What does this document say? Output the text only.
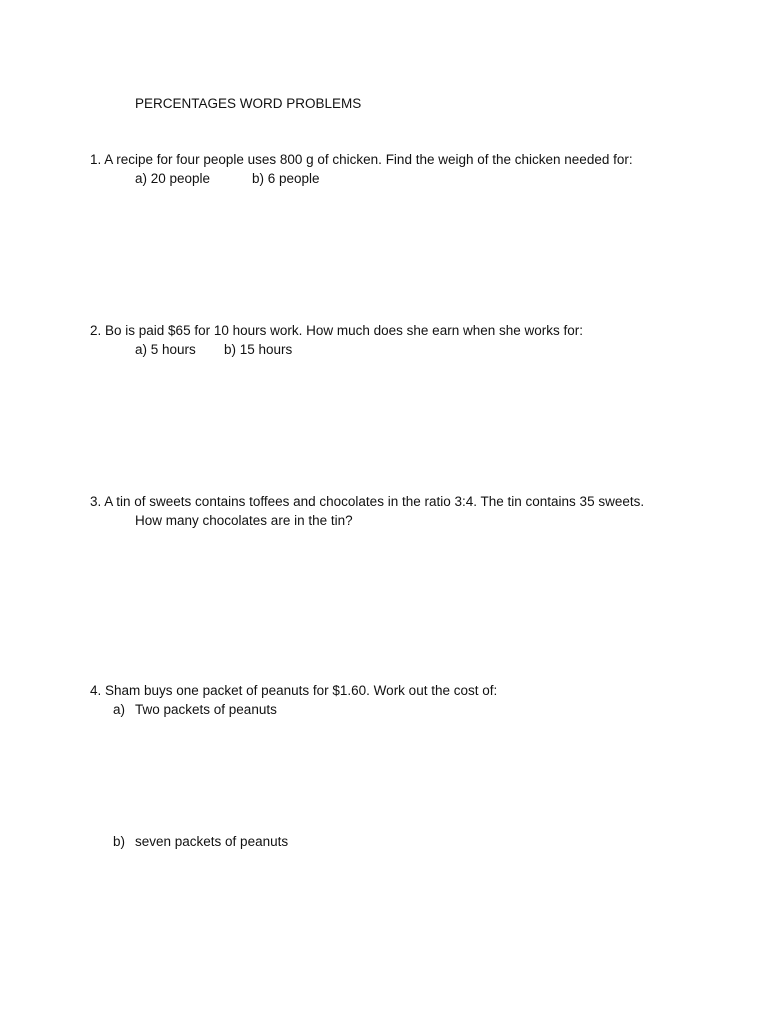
PERCENTAGES WORD PROBLEMS
1. A recipe for four people uses 800 g of chicken. Find the weigh of the chicken needed for:
a) 20 people	b) 6 people
2. Bo is paid $65 for 10 hours work. How much does she earn when she works for:
a) 5 hours b) 15 hours
3. A tin of sweets contains toffees and chocolates in the ratio 3:4. The tin contains 35 sweets.
How many chocolates are in the tin?
4. Sham buys one packet of peanuts for $1.60. Work out the cost of:
a) Two packets of peanuts
b) seven packets of peanuts
